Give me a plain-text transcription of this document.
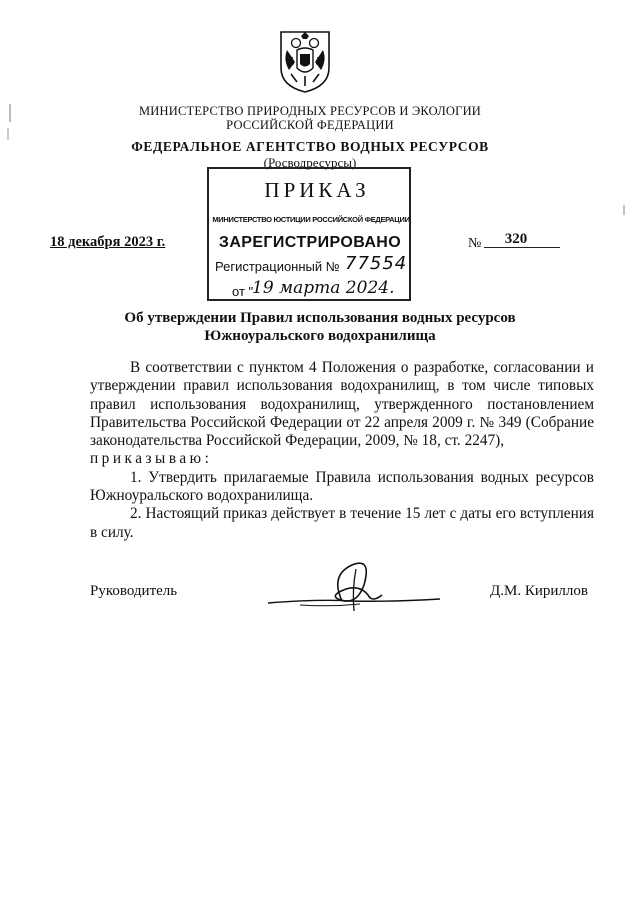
МИНИСТЕРСТВО ПРИРОДНЫХ РЕСУРСОВ И ЭКОЛОГИИ
РОССИЙСКОЙ ФЕДЕРАЦИИ
ФЕДЕРАЛЬНОЕ АГЕНТСТВО ВОДНЫХ РЕСУРСОВ
(Росводресурсы)
ПРИКАЗ
МИНИСТЕРСТВО ЮСТИЦИИ РОССИЙСКОЙ ФЕДЕРАЦИИ
ЗАРЕГИСТРИРОВАНО
Регистрационный № 77554
от "
19 марта 2024.
18 декабря 2023 г.	№	320
Об утверждении Правил использования водных ресурсов
Южноуральского водохранилища

В соответствии с пунктом 4 Положения о разработке, согласовании и утверждении правил использования водохранилищ, в том числе типовых правил использования водохранилищ, утвержденного постановлением Правительства Российской Федерации от 22 апреля 2009 г. № 349 (Собрание законодательства Российской Федерации, 2009, № 18, ст. 2247),

приказываю:

1. Утвердить прилагаемые Правила использования водных ресурсов Южноуральского водохранилища.

2. Настоящий приказ действует в течение 15 лет с даты его вступления в силу.

Руководитель	Д.М. Кириллов
